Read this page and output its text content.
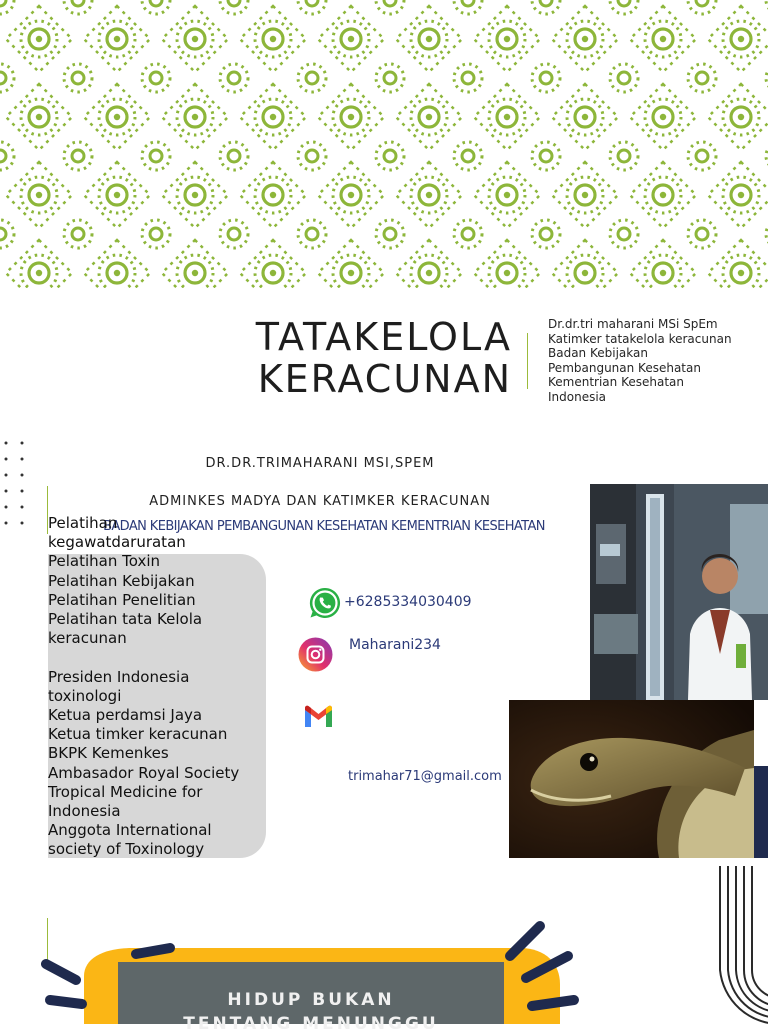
TATAKELOLA
KERACUNAN
Dr.dr.tri maharani MSi SpEm
Katimker tatakelola keracunan
Badan Kebijakan
Pembangunan Kesehatan
Kementrian Kesehatan
Indonesia
DR.DR.TRIMAHARANI MSI,SPEM
ADMINKES MADYA DAN KATIMKER KERACUNAN
BADAN KEBIJAKAN PEMBANGUNAN KESEHATAN KEMENTRIAN KESEHATAN
Pelatihan
kegawatdaruratan
Pelatihan Toxin
Pelatihan Kebijakan
Pelatihan Penelitian
Pelatihan tata Kelola
keracunan

Presiden Indonesia
toxinologi
Ketua perdamsi Jaya
Ketua timker keracunan
BKPK Kemenkes
Ambasador Royal Society
Tropical Medicine for
Indonesia
Anggota International
society of Toxinology
+6285334030409
Maharani234
trimahar71@gmail.com
HIDUP BUKAN
TENTANG MENUNGGU
